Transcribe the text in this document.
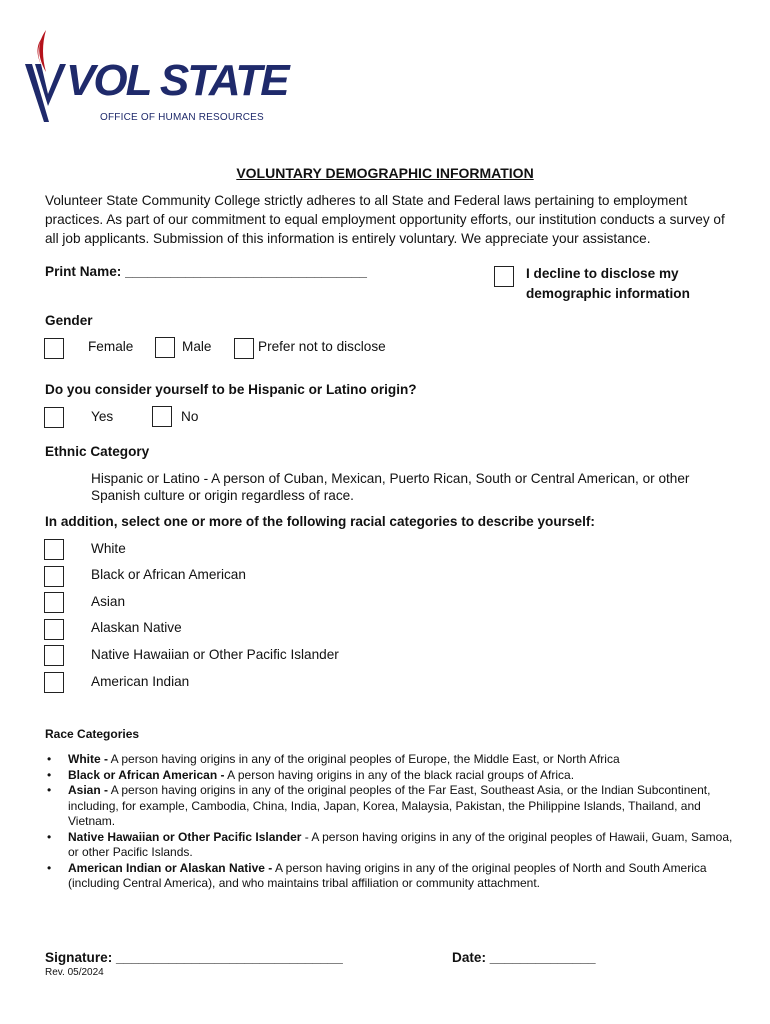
VOL STATE
OFFICE OF HUMAN RESOURCES
VOLUNTARY DEMOGRAPHIC INFORMATION
Volunteer State Community College strictly adheres to all State and Federal laws pertaining to employment practices. As part of our commitment to equal employment opportunity efforts, our institution conducts a survey of all job applicants. Submission of this information is entirely voluntary. We appreciate your assistance.
Print Name: ________________________________	I decline to disclose my demographic information
Gender
Female	Male	Prefer not to disclose
Do you consider yourself to be Hispanic or Latino origin?
Yes	No
Ethnic Category
Hispanic or Latino - A person of Cuban, Mexican, Puerto Rican, South or Central American, or other Spanish culture or origin regardless of race.
In addition, select one or more of the following racial categories to describe yourself:
White
Black or African American
Asian
Alaskan Native
Native Hawaiian or Other Pacific Islander
American Indian
Race Categories
• White - A person having origins in any of the original peoples of Europe, the Middle East, or North Africa
• Black or African American - A person having origins in any of the black racial groups of Africa.
• Asian - A person having origins in any of the original peoples of the Far East, Southeast Asia, or the Indian Subcontinent, including, for example, Cambodia, China, India, Japan, Korea, Malaysia, Pakistan, the Philippine Islands, Thailand, and Vietnam.
• Native Hawaiian or Other Pacific Islander - A person having origins in any of the original peoples of Hawaii, Guam, Samoa, or other Pacific Islands.
• American Indian or Alaskan Native - A person having origins in any of the original peoples of North and South America (including Central America), and who maintains tribal affiliation or community attachment.
Signature: ______________________________	Date: ______________
Rev. 05/2024
